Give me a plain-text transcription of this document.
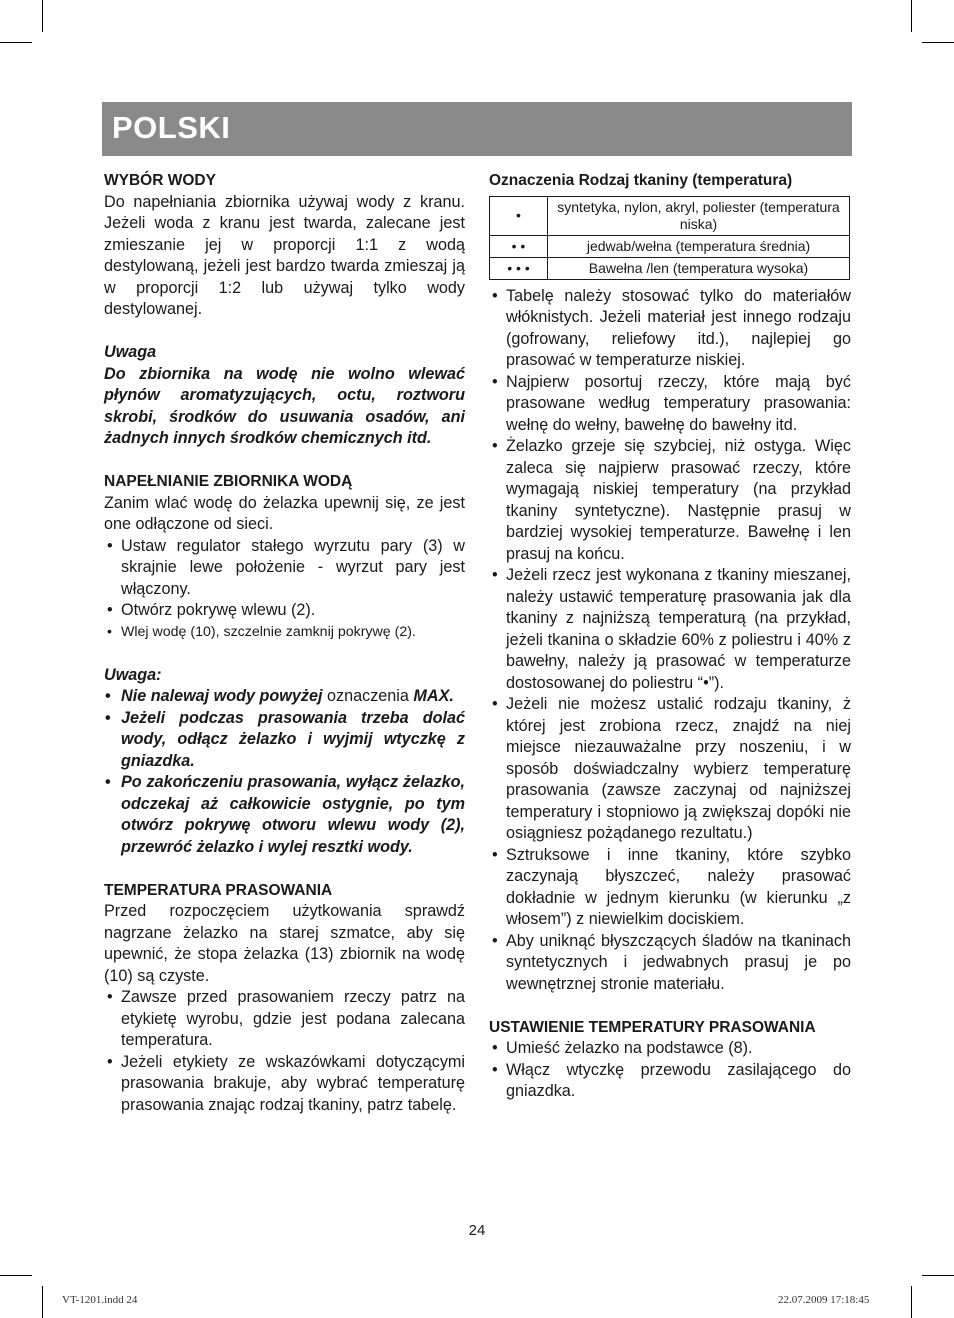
POLSKI
WYBÓR WODY
Do napełniania zbiornika używaj wody z kranu. Jeżeli woda z kranu jest twarda, zalecane jest zmieszanie jej w proporcji 1:1 z wodą destylowaną, jeżeli jest bardzo twarda zmieszaj ją w proporcji 1:2 lub używaj tylko wody destylowanej.
Uwaga
Do zbiornika na wodę nie wolno wlewać płynów aromatyzujących, octu, roztworu skrobi, środków do usuwania osadów, ani żadnych innych środków chemicznych itd.
NAPEŁNIANIE ZBIORNIKA WODĄ
Zanim wlać wodę do żelazka upewnij się, ze jest one odłączone od sieci.
• Ustaw regulator stałego wyrzutu pary (3) w skrajnie lewe położenie - wyrzut pary jest włączony.
• Otwórz pokrywę wlewu (2).
• Wlej wodę (10), szczelnie zamknij pokrywę (2).
Uwaga:
• Nie nalewaj wody powyżej oznaczenia MAX.
• Jeżeli podczas prasowania trzeba dolać wody, odłącz żelazko i wyjmij wtyczkę z gniazdka.
• Po zakończeniu prasowania, wyłącz żelazko, odczekaj aż całkowicie ostygnie, po tym otwórz pokrywę otworu wlewu wody (2), przewróć żelazko i wylej resztki wody.
TEMPERATURA PRASOWANIA
Przed rozpoczęciem użytkowania sprawdź nagrzane żelazko na starej szmatce, aby się upewnić, że stopa żelazka (13) zbiornik na wodę (10) są czyste.
• Zawsze przed prasowaniem rzeczy patrz na etykietę wyrobu, gdzie jest podana zalecana temperatura.
• Jeżeli etykiety ze wskazówkami dotyczącymi prasowania brakuje, aby wybrać temperaturę prasowania znając rodzaj tkaniny, patrz tabelę.
Oznaczenia Rodzaj tkaniny (temperatura)
•	syntetyka, nylon, akryl, poliester (temperatura niska)
• •	jedwab/wełna (temperatura średnia)
• • •	Bawełna /len (temperatura wysoka)
• Tabelę należy stosować tylko do materiałów włóknistych. Jeżeli materiał jest innego rodzaju (gofrowany, reliefowy itd.), najlepiej go prasować w temperaturze niskiej.
• Najpierw posortuj rzeczy, które mają być prasowane według temperatury prasowania: wełnę do wełny, bawełnę do bawełny itd.
• Żelazko grzeje się szybciej, niż ostyga. Więc zaleca się najpierw prasować rzeczy, które wymagają niskiej temperatury (na przykład tkaniny syntetyczne). Następnie prasuj w bardziej wysokiej temperaturze. Bawełnę i len prasuj na końcu.
• Jeżeli rzecz jest wykonana z tkaniny mieszanej, należy ustawić temperaturę prasowania jak dla tkaniny z najniższą temperaturą (na przykład, jeżeli tkanina o składzie 60% z poliestru i 40% z bawełny, należy ją prasować w temperaturze dostosowanej do poliestru “•”).
• Jeżeli nie możesz ustalić rodzaju tkaniny, ż której jest zrobiona rzecz, znajdź na niej miejsce niezauważalne przy noszeniu, i w sposób doświadczalny wybierz temperaturę prasowania (zawsze zaczynaj od najniższej temperatury i stopniowo ją zwiększaj dopóki nie osiągniesz pożądanego rezultatu.)
• Sztruksowe i inne tkaniny, które szybko zaczynają błyszczeć, należy prasować dokładnie w jednym kierunku (w kierunku „z włosem”) z niewielkim dociskiem.
• Aby uniknąć błyszczących śladów na tkaninach syntetycznych i jedwabnych prasuj je po wewnętrznej stronie materiału.
USTAWIENIE TEMPERATURY PRASOWANIA
• Umieść żelazko na podstawce (8).
• Włącz wtyczkę przewodu zasilającego do gniazdka.
24
VT-1201.indd 24	22.07.2009 17:18:45
